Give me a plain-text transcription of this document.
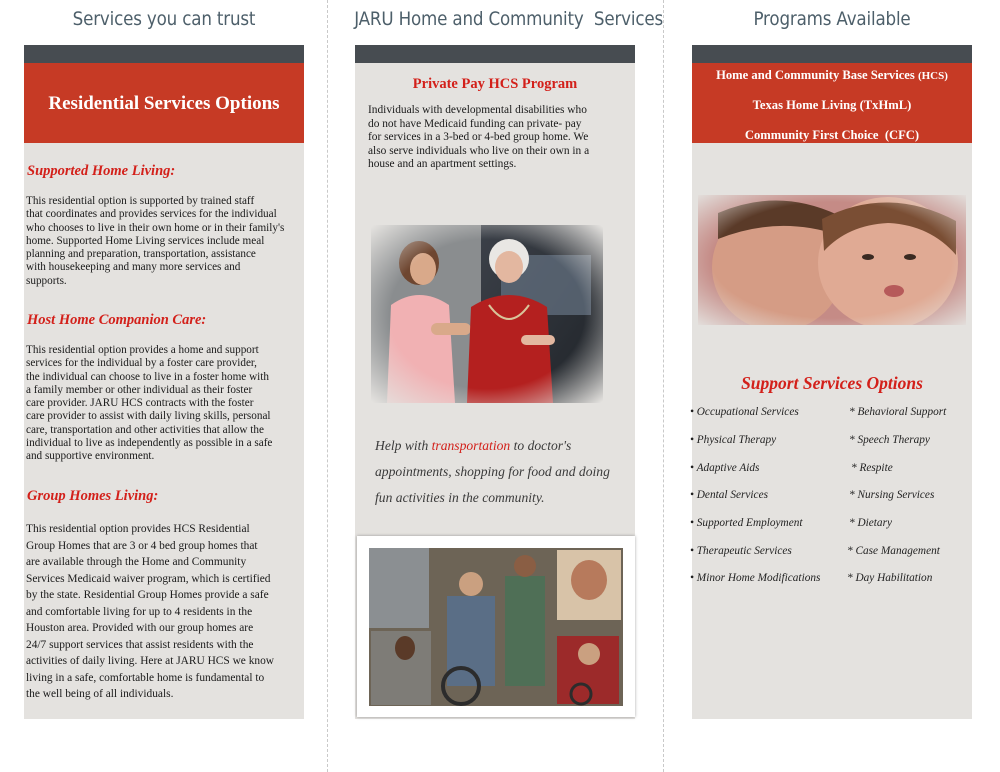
Services you can trust	JARU Home and Community  Services	Programs Available
Residential Services Options
Supported Home Living:
This residential option is supported by trained staff
that coordinates and provides services for the individual
who chooses to live in their own home or in their family's
home. Supported Home Living services include meal
planning and preparation, transportation, assistance
with housekeeping and many more services and
supports.
Host Home Companion Care:
This residential option provides a home and support
services for the individual by a foster care provider,
the individual can choose to live in a foster home with
a family member or other individual as their foster
care provider. JARU HCS contracts with the foster
care provider to assist with daily living skills, personal
care, transportation and other activities that allow the
individual to live as independently as possible in a safe
and supportive environment.
Group Homes Living:
This residential option provides HCS Residential
Group Homes that are 3 or 4 bed group homes that
are available through the Home and Community
Services Medicaid waiver program, which is certified
by the state. Residential Group Homes provide a safe
and comfortable living for up to 4 residents in the
Houston area. Provided with our group homes are
24/7 support services that assist residents with the
activities of daily living. Here at JARU HCS we know
living in a safe, comfortable home is fundamental to
the well being of all individuals.
Private Pay HCS Program
Individuals with developmental disabilities who
do not have Medicaid funding can private- pay
for services in a 3-bed or 4-bed group home. We
also serve individuals who live on their own in a
house and an apartment settings.
Help with transportation to doctor's appointments, shopping for food and doing fun activities in the community.
Home and Community Base Services (HCS)
Texas Home Living (TxHmL)
Community First Choice  (CFC)
Support Services Options
• Occupational Services
• Physical Therapy
• Adaptive Aids
• Dental Services
• Supported Employment
• Therapeutic Services
• Minor Home Modifications
* Behavioral Support
* Speech Therapy
* Respite
* Nursing Services
* Dietary
* Case Management
* Day Habilitation
